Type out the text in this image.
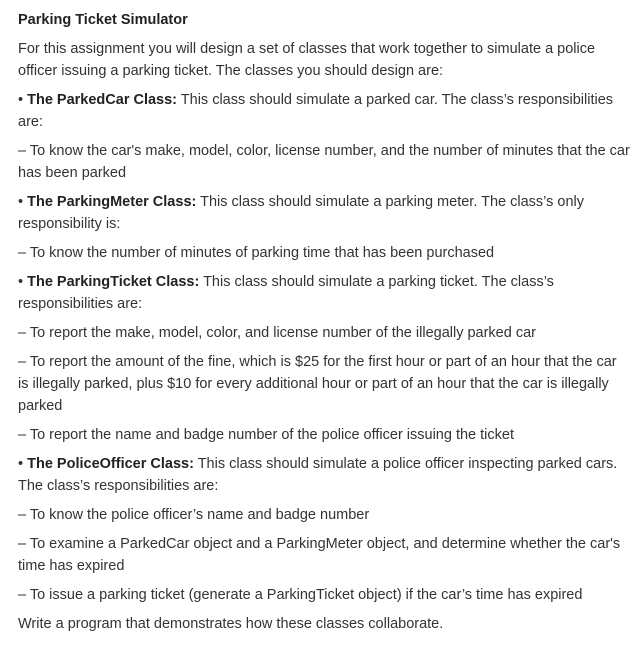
Parking Ticket Simulator
For this assignment you will design a set of classes that work together to simulate a police officer issuing a parking ticket. The classes you should design are:
• The ParkedCar Class: This class should simulate a parked car. The class’s responsibilities are:
– To know the car's make, model, color, license number, and the number of minutes that the car has been parked
• The ParkingMeter Class: This class should simulate a parking meter. The class’s only responsibility is:
– To know the number of minutes of parking time that has been purchased
• The ParkingTicket Class: This class should simulate a parking ticket. The class’s responsibilities are:
– To report the make, model, color, and license number of the illegally parked car
– To report the amount of the fine, which is $25 for the first hour or part of an hour that the car is illegally parked, plus $10 for every additional hour or part of an hour that the car is illegally parked
– To report the name and badge number of the police officer issuing the ticket
• The PoliceOfficer Class: This class should simulate a police officer inspecting parked cars. The class’s responsibilities are:
– To know the police officer’s name and badge number
– To examine a ParkedCar object and a ParkingMeter object, and determine whether the car's time has expired
– To issue a parking ticket (generate a ParkingTicket object) if the car’s time has expired
Write a program that demonstrates how these classes collaborate.
